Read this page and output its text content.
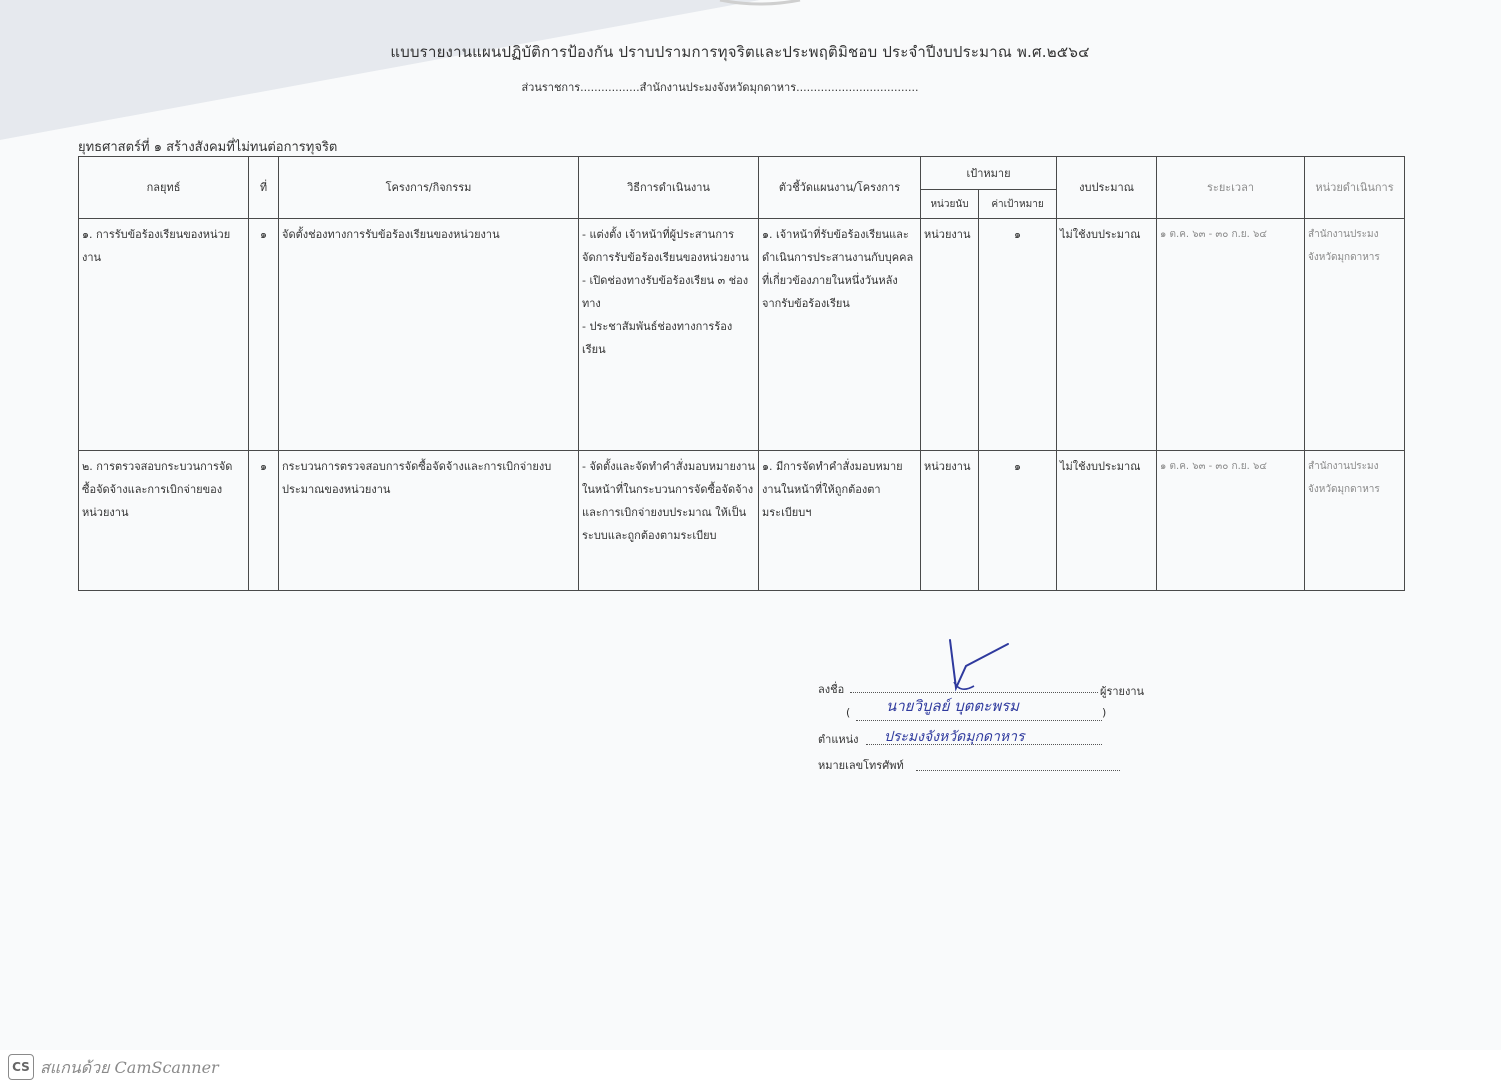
แบบรายงานแผนปฏิบัติการป้องกัน ปราบปรามการทุจริตและประพฤติมิชอบ ประจำปีงบประมาณ พ.ศ.๒๕๖๔
ส่วนราชการ.................สำนักงานประมงจังหวัดมุกดาหาร...................................
ยุทธศาสตร์ที่ ๑ สร้างสังคมที่ไม่ทนต่อการทุจริต
กลยุทธ์	ที่	โครงการ/กิจกรรม	วิธีการดำเนินงาน	ตัวชี้วัดแผนงาน/โครงการ	เป้าหมาย		งบประมาณ	ระยะเวลา	หน่วยดำเนินการ
					หน่วยนับ	ค่าเป้าหมาย			
๑. การรับข้อร้องเรียนของหน่วยงาน	๑	จัดตั้งช่องทางการรับข้อร้องเรียนของหน่วยงาน	- แต่งตั้ง เจ้าหน้าที่ผู้ประสานการจัดการรับข้อร้องเรียนของหน่วยงาน
- เปิดช่องทางรับข้อร้องเรียน ๓ ช่องทาง
- ประชาสัมพันธ์ช่องทางการร้องเรียน	๑. เจ้าหน้าที่รับข้อร้องเรียนและดำเนินการประสานงานกับบุคคลที่เกี่ยวข้องภายในหนึ่งวันหลังจากรับข้อร้องเรียน	หน่วยงาน	๑	ไม่ใช้งบประมาณ	๑ ต.ค. ๖๓ - ๓๐ ก.ย. ๖๔	สำนักงานประมงจังหวัดมุกดาหาร
๒. การตรวจสอบกระบวนการจัดซื้อจัดจ้างและการเบิกจ่ายของหน่วยงาน	๑	กระบวนการตรวจสอบการจัดซื้อจัดจ้างและการเบิกจ่ายงบประมาณของหน่วยงาน	- จัดตั้งและจัดทำคำสั่งมอบหมายงานในหน้าที่ในกระบวนการจัดซื้อจัดจ้างและการเบิกจ่ายงบประมาณ ให้เป็นระบบและถูกต้องตามระเบียบ	๑. มีการจัดทำคำสั่งมอบหมายงานในหน้าที่ให้ถูกต้องตามระเบียบฯ	หน่วยงาน	๑	ไม่ใช้งบประมาณ	๑ ต.ค. ๖๓ - ๓๐ ก.ย. ๖๔	สำนักงานประมงจังหวัดมุกดาหาร
ลงชื่อ	ผู้รายงาน
( นายวิบูลย์ บุตตะพรม	)
ตำแหน่ง ประมงจังหวัดมุกดาหาร
หมายเลขโทรศัพท์
CS สแกนด้วย CamScanner
